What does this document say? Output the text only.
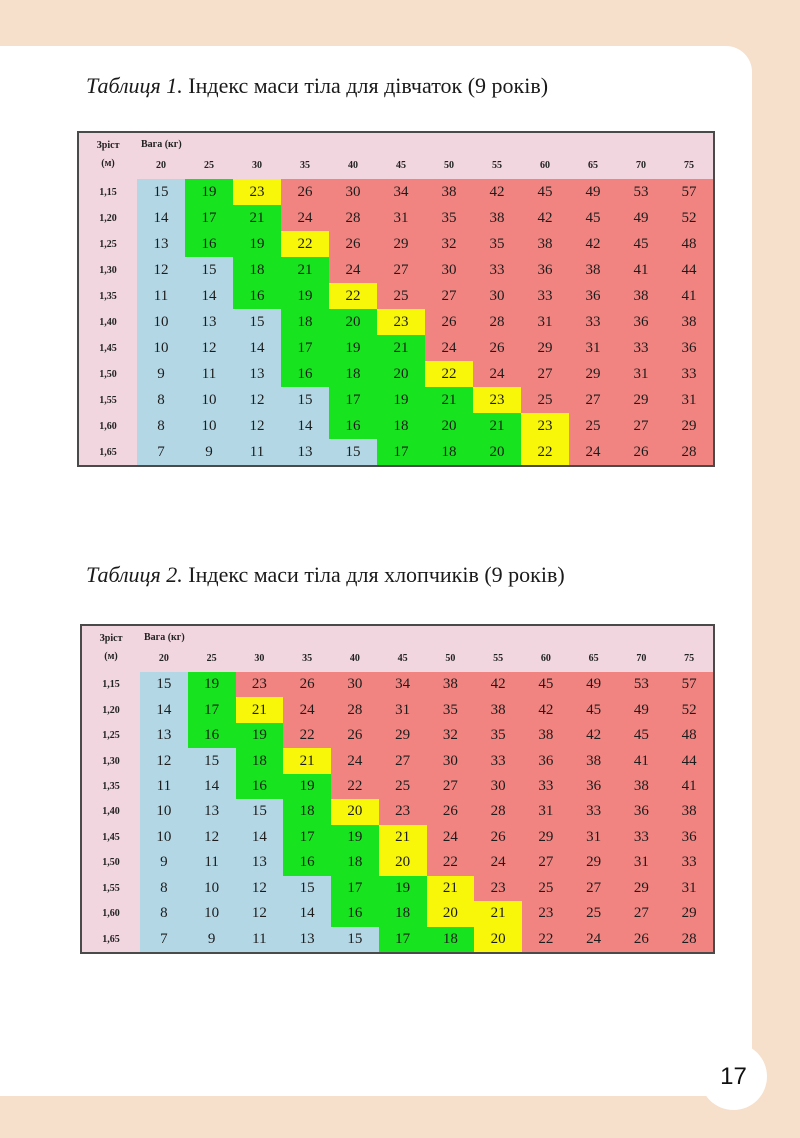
Таблиця 1. Індекс маси тіла для дівчаток (9 років)
Зріст
(м)
Вага (кг)
20	25	30	35	40	45	50	55	60	65	70	75
1,15	15	19	23	26	30	34	38	42	45	49	53	57
1,20	14	17	21	24	28	31	35	38	42	45	49	52
1,25	13	16	19	22	26	29	32	35	38	42	45	48
1,30	12	15	18	21	24	27	30	33	36	38	41	44
1,35	11	14	16	19	22	25	27	30	33	36	38	41
1,40	10	13	15	18	20	23	26	28	31	33	36	38
1,45	10	12	14	17	19	21	24	26	29	31	33	36
1,50	9	11	13	16	18	20	22	24	27	29	31	33
1,55	8	10	12	15	17	19	21	23	25	27	29	31
1,60	8	10	12	14	16	18	20	21	23	25	27	29
1,65	7	9	11	13	15	17	18	20	22	24	26	28
Таблиця 2. Індекс маси тіла для хлопчиків (9 років)
Зріст
(м)
Вага (кг)
20	25	30	35	40	45	50	55	60	65	70	75
1,15	15	19	23	26	30	34	38	42	45	49	53	57
1,20	14	17	21	24	28	31	35	38	42	45	49	52
1,25	13	16	19	22	26	29	32	35	38	42	45	48
1,30	12	15	18	21	24	27	30	33	36	38	41	44
1,35	11	14	16	19	22	25	27	30	33	36	38	41
1,40	10	13	15	18	20	23	26	28	31	33	36	38
1,45	10	12	14	17	19	21	24	26	29	31	33	36
1,50	9	11	13	16	18	20	22	24	27	29	31	33
1,55	8	10	12	15	17	19	21	23	25	27	29	31
1,60	8	10	12	14	16	18	20	21	23	25	27	29
1,65	7	9	11	13	15	17	18	20	22	24	26	28
17
